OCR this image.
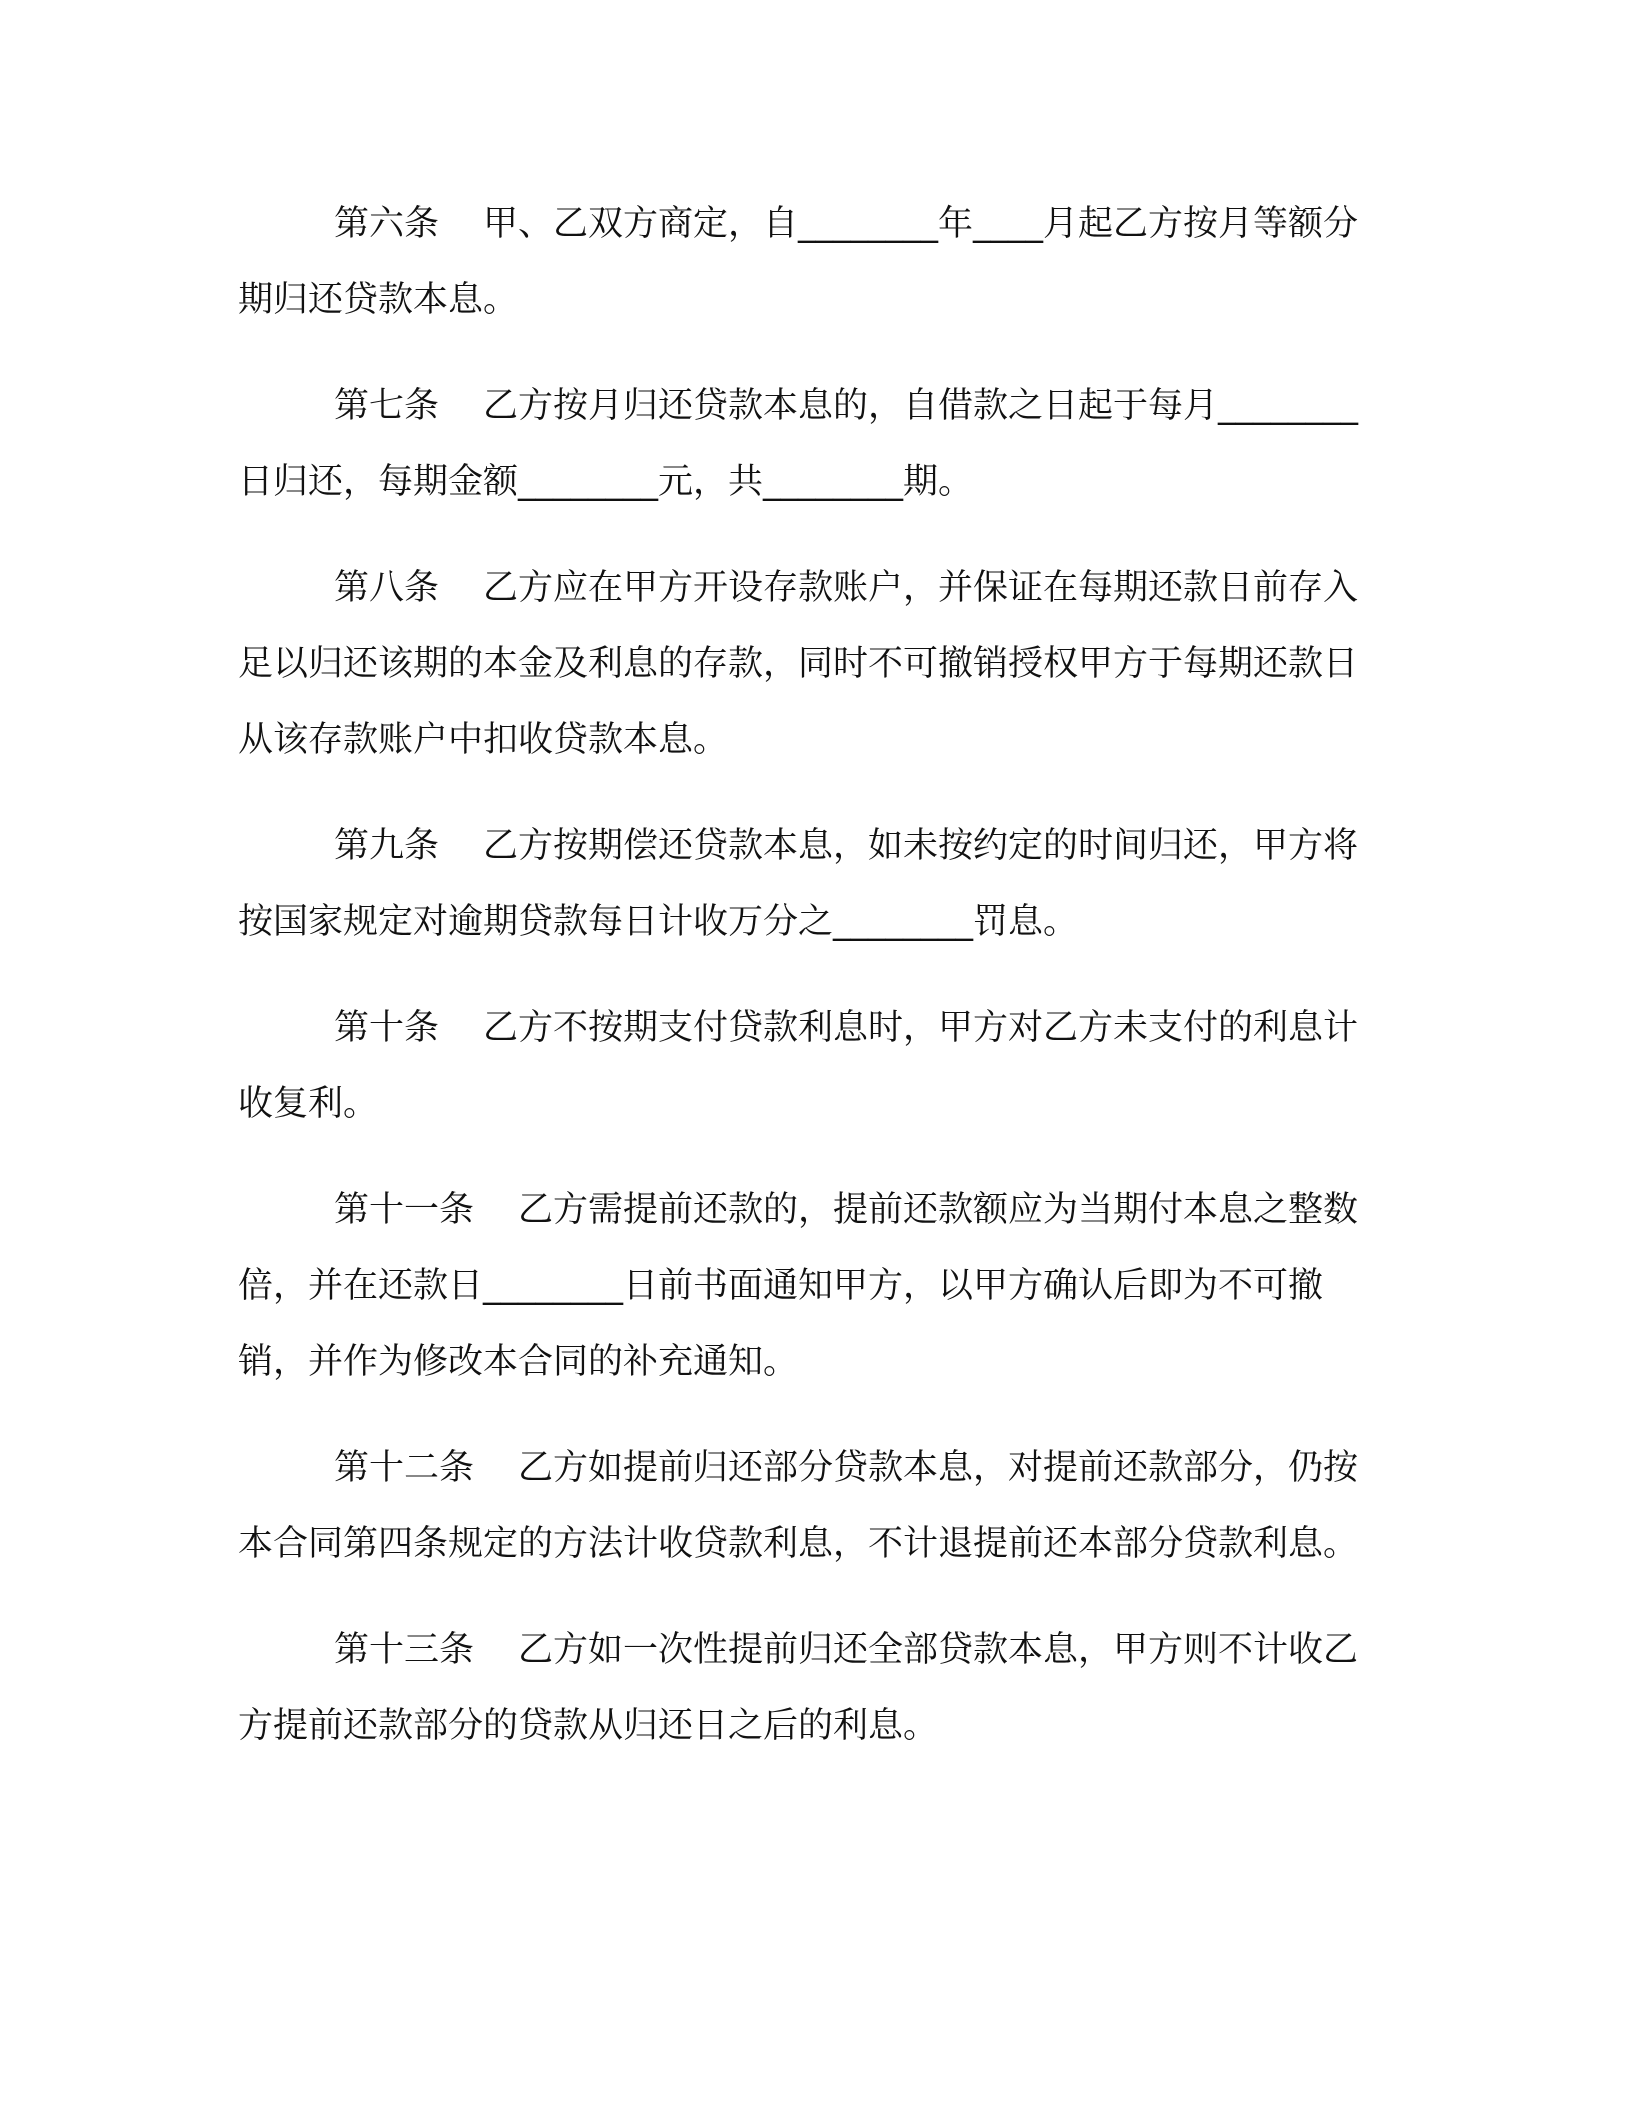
第六条 甲、乙双方商定，自________年____月起乙方按月等额分期归还贷款本息。

第七条 乙方按月归还贷款本息的，自借款之日起于每月________日归还，每期金额________元，共________期。

第八条 乙方应在甲方开设存款账户，并保证在每期还款日前存入足以归还该期的本金及利息的存款，同时不可撤销授权甲方于每期还款日从该存款账户中扣收贷款本息。

第九条 乙方按期偿还贷款本息，如未按约定的时间归还，甲方将按国家规定对逾期贷款每日计收万分之________罚息。

第十条 乙方不按期支付贷款利息时，甲方对乙方未支付的利息计收复利。

第十一条 乙方需提前还款的，提前还款额应为当期付本息之整数倍，并在还款日________日前书面通知甲方，以甲方确认后即为不可撤销，并作为修改本合同的补充通知。

第十二条 乙方如提前归还部分贷款本息，对提前还款部分，仍按本合同第四条规定的方法计收贷款利息，不计退提前还本部分贷款利息。

第十三条 乙方如一次性提前归还全部贷款本息，甲方则不计收乙方提前还款部分的贷款从归还日之后的利息。
